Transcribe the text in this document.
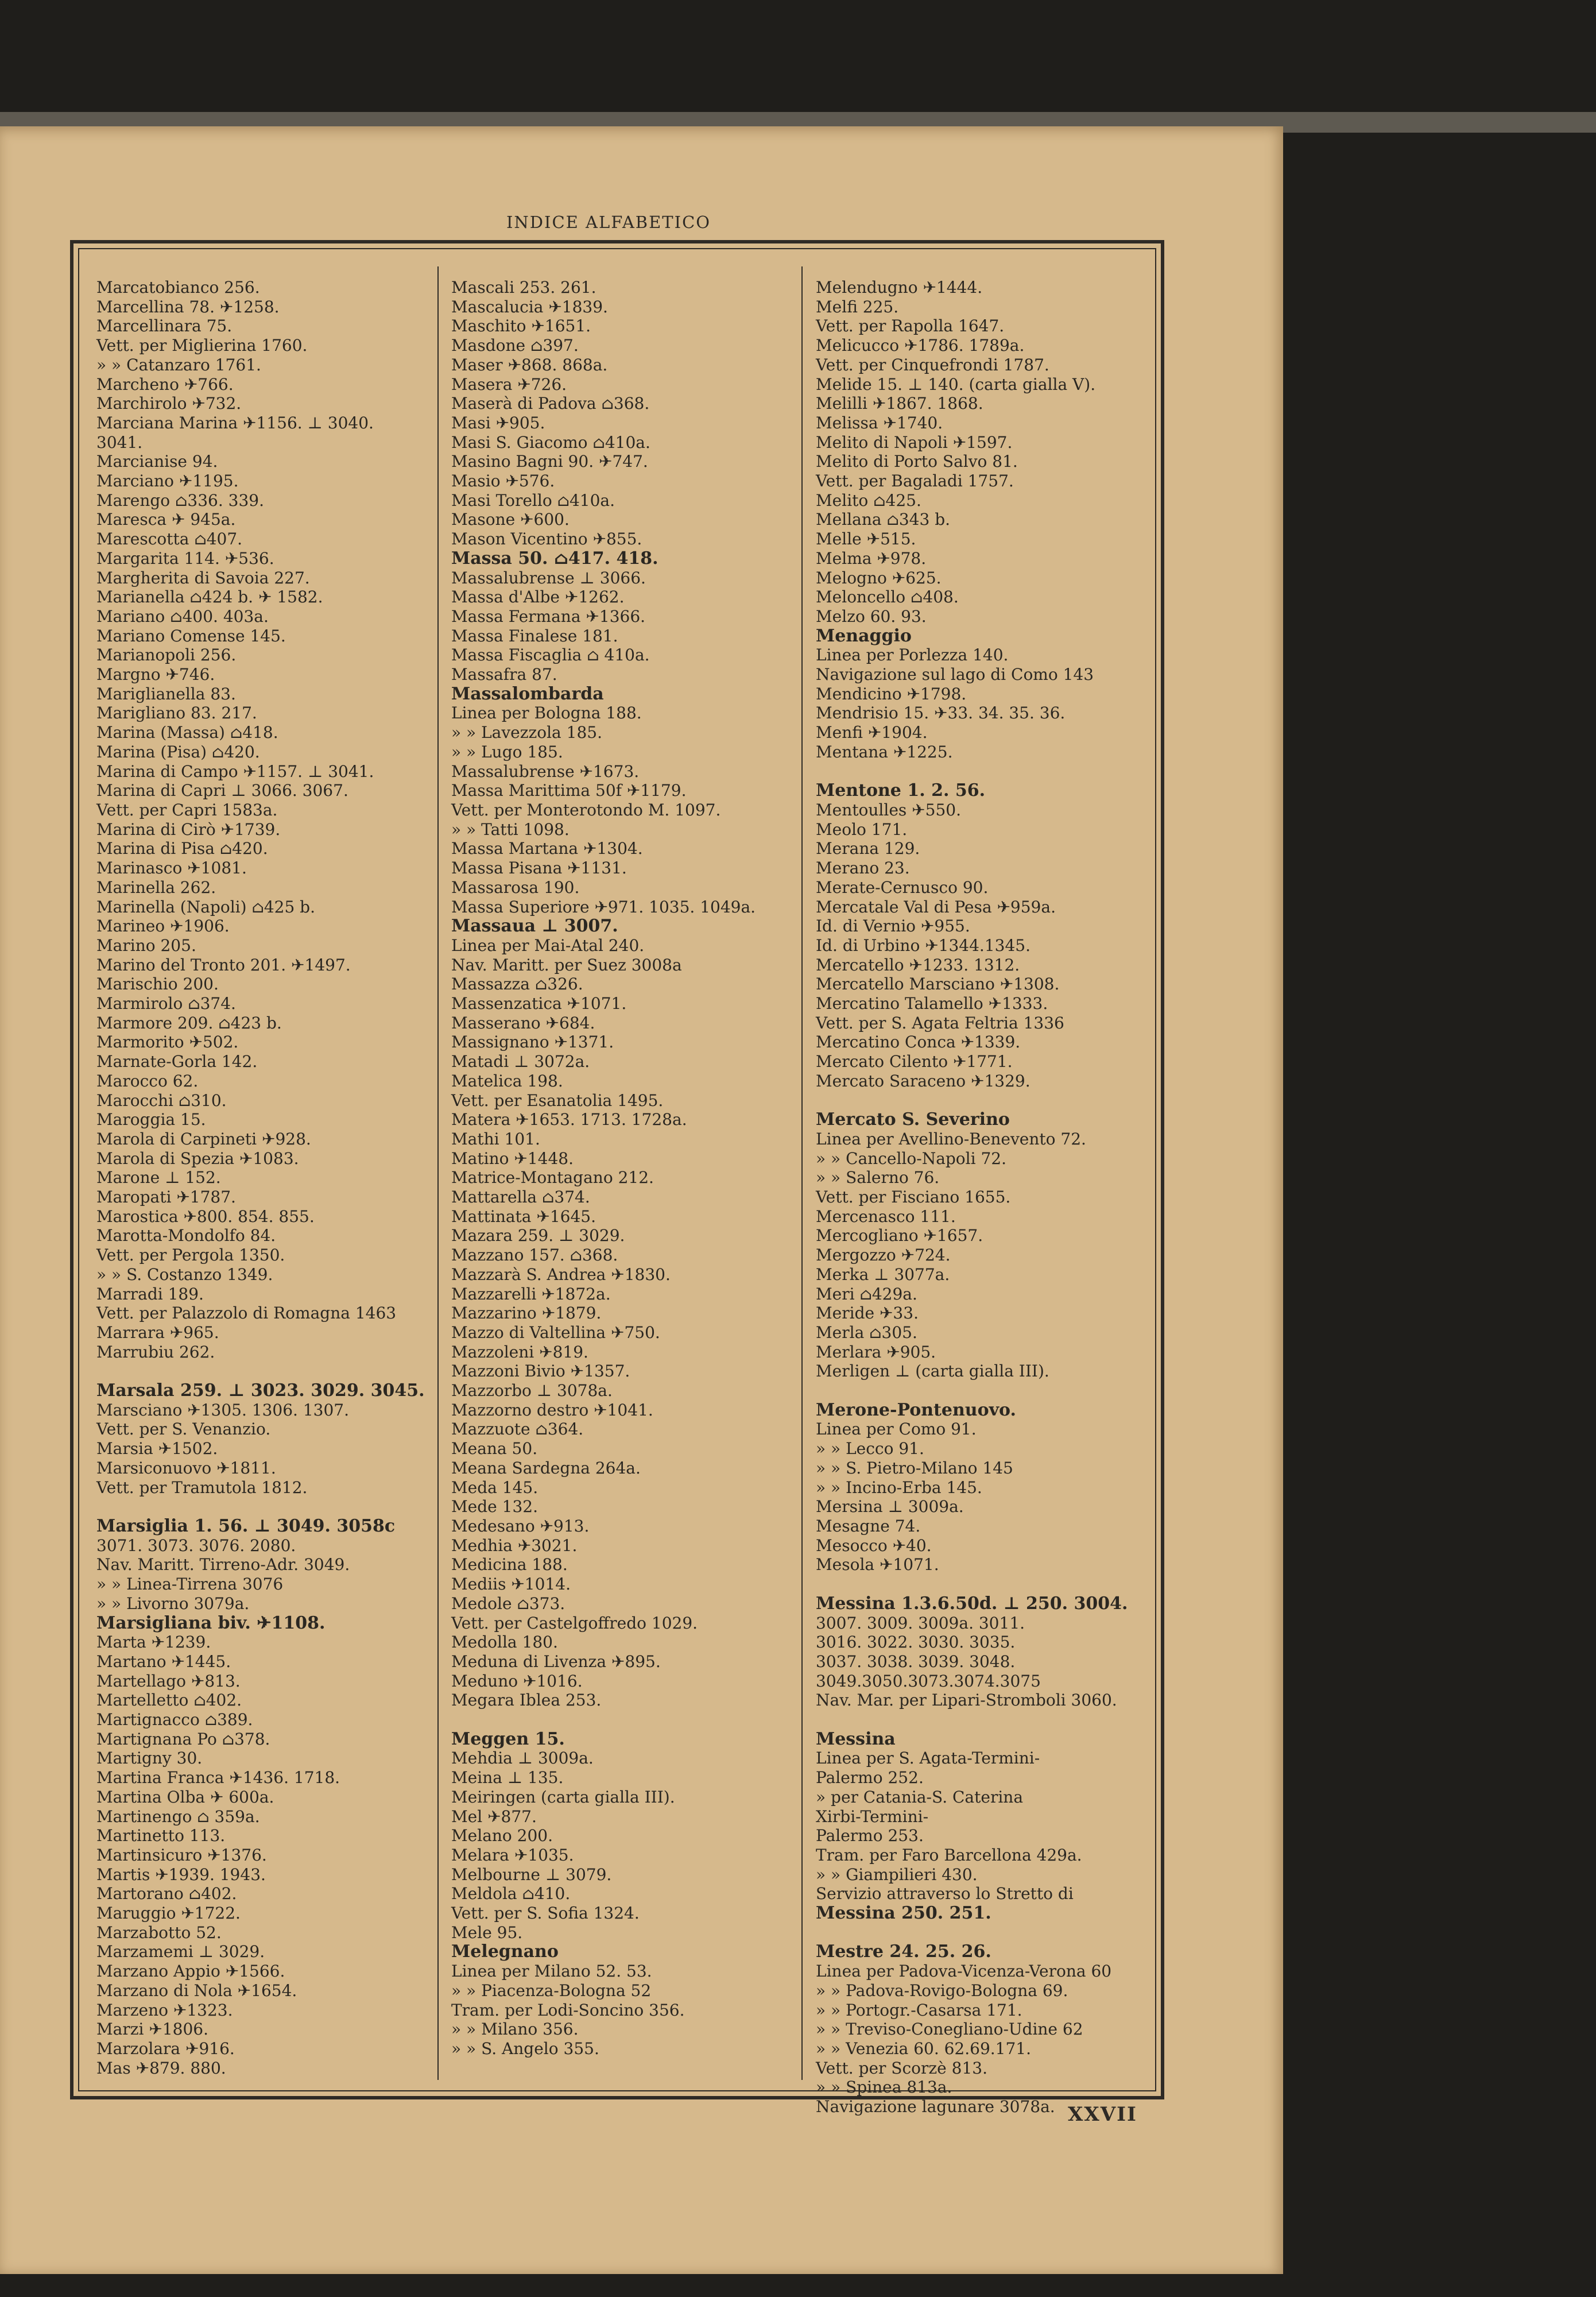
INDICE ALFABETICO
Marcatobianco 256.
Marcellina 78. ✈1258.
Marcellinara 75.
Vett. per Miglierina 1760.
» » Catanzaro 1761.
Marcheno ✈766.
Marchirolo ✈732.
Marciana Marina ✈1156. ⊥ 3040.
3041.
Marcianise 94.
Marciano ✈1195.
Marengo ⌂336. 339.
Maresca ✈ 945a.
Marescotta ⌂407.
Margarita 114. ✈536.
Margherita di Savoia 227.
Marianella ⌂424 b. ✈ 1582.
Mariano ⌂400. 403a.
Mariano Comense 145.
Marianopoli 256.
Margno ✈746.
Mariglianella 83.
Marigliano 83. 217.
Marina (Massa) ⌂418.
Marina (Pisa) ⌂420.
Marina di Campo ✈1157. ⊥ 3041.
Marina di Capri ⊥ 3066. 3067.
Vett. per Capri 1583a.
Marina di Cirò ✈1739.
Marina di Pisa ⌂420.
Marinasco ✈1081.
Marinella 262.
Marinella (Napoli) ⌂425 b.
Marineo ✈1906.
Marino 205.
Marino del Tronto 201. ✈1497.
Marischio 200.
Marmirolo ⌂374.
Marmore 209. ⌂423 b.
Marmorito ✈502.
Marnate-Gorla 142.
Marocco 62.
Marocchi ⌂310.
Maroggia 15.
Marola di Carpineti ✈928.
Marola di Spezia ✈1083.
Marone ⊥ 152.
Maropati ✈1787.
Marostica ✈800. 854. 855.
Marotta-Mondolfo 84.
Vett. per Pergola 1350.
» » S. Costanzo 1349.
Marradi 189.
Vett. per Palazzolo di Romagna 1463
Marrara ✈965.
Marrubiu 262.

Marsala 259. ⊥ 3023. 3029. 3045.
Marsciano ✈1305. 1306. 1307.
Vett. per S. Venanzio.
Marsia ✈1502.
Marsiconuovo ✈1811.
Vett. per Tramutola 1812.

Marsiglia 1. 56. ⊥ 3049. 3058c
3071. 3073. 3076. 2080.
Nav. Maritt. Tirreno-Adr. 3049.
» » Linea-Tirrena 3076
» » Livorno 3079a.
Marsigliana biv. ✈1108.
Marta ✈1239.
Martano ✈1445.
Martellago ✈813.
Martelletto ⌂402.
Martignacco ⌂389.
Martignana Po ⌂378.
Martigny 30.
Martina Franca ✈1436. 1718.
Martina Olba ✈ 600a.
Martinengo ⌂ 359a.
Martinetto 113.
Martinsicuro ✈1376.
Martis ✈1939. 1943.
Martorano ⌂402.
Maruggio ✈1722.
Marzabotto 52.
Marzamemi ⊥ 3029.
Marzano Appio ✈1566.
Marzano di Nola ✈1654.
Marzeno ✈1323.
Marzi ✈1806.
Marzolara ✈916.
Mas ✈879. 880.
Mascali 253. 261.
Mascalucia ✈1839.
Maschito ✈1651.
Masdone ⌂397.
Maser ✈868. 868a.
Masera ✈726.
Maserà di Padova ⌂368.
Masi ✈905.
Masi S. Giacomo ⌂410a.
Masino Bagni 90. ✈747.
Masio ✈576.
Masi Torello ⌂410a.
Masone ✈600.
Mason Vicentino ✈855.
Massa 50. ⌂417. 418.
Massalubrense ⊥ 3066.
Massa d'Albe ✈1262.
Massa Fermana ✈1366.
Massa Finalese 181.
Massa Fiscaglia ⌂ 410a.
Massafra 87.
Massalombarda
Linea per Bologna 188.
» » Lavezzola 185.
» » Lugo 185.
Massalubrense ✈1673.
Massa Marittima 50f ✈1179.
Vett. per Monterotondo M. 1097.
» » Tatti 1098.
Massa Martana ✈1304.
Massa Pisana ✈1131.
Massarosa 190.
Massa Superiore ✈971. 1035. 1049a.
Massaua ⊥ 3007.
Linea per Mai-Atal 240.
Nav. Maritt. per Suez 3008a
Massazza ⌂326.
Massenzatica ✈1071.
Masserano ✈684.
Massignano ✈1371.
Matadi ⊥ 3072a.
Matelica 198.
Vett. per Esanatolia 1495.
Matera ✈1653. 1713. 1728a.
Mathi 101.
Matino ✈1448.
Matrice-Montagano 212.
Mattarella ⌂374.
Mattinata ✈1645.
Mazara 259. ⊥ 3029.
Mazzano 157. ⌂368.
Mazzarà S. Andrea ✈1830.
Mazzarelli ✈1872a.
Mazzarino ✈1879.
Mazzo di Valtellina ✈750.
Mazzoleni ✈819.
Mazzoni Bivio ✈1357.
Mazzorbo ⊥ 3078a.
Mazzorno destro ✈1041.
Mazzuote ⌂364.
Meana 50.
Meana Sardegna 264a.
Meda 145.
Mede 132.
Medesano ✈913.
Medhia ✈3021.
Medicina 188.
Mediis ✈1014.
Medole ⌂373.
Vett. per Castelgoffredo 1029.
Medolla 180.
Meduna di Livenza ✈895.
Meduno ✈1016.
Megara Iblea 253.

Meggen 15.
Mehdia ⊥ 3009a.
Meina ⊥ 135.
Meiringen (carta gialla III).
Mel ✈877.
Melano 200.
Melara ✈1035.
Melbourne ⊥ 3079.
Meldola ⌂410.
Vett. per S. Sofia 1324.
Mele 95.
Melegnano
Linea per Milano 52. 53.
» » Piacenza-Bologna 52
Tram. per Lodi-Soncino 356.
» » Milano 356.
» » S. Angelo 355.
Melendugno ✈1444.
Melfi 225.
Vett. per Rapolla 1647.
Melicucco ✈1786. 1789a.
Vett. per Cinquefrondi 1787.
Melide 15. ⊥ 140. (carta gialla V).
Melilli ✈1867. 1868.
Melissa ✈1740.
Melito di Napoli ✈1597.
Melito di Porto Salvo 81.
Vett. per Bagaladi 1757.
Melito ⌂425.
Mellana ⌂343 b.
Melle ✈515.
Melma ✈978.
Melogno ✈625.
Meloncello ⌂408.
Melzo 60. 93.
Menaggio
Linea per Porlezza 140.
Navigazione sul lago di Como 143
Mendicino ✈1798.
Mendrisio 15. ✈33. 34. 35. 36.
Menfi ✈1904.
Mentana ✈1225.

Mentone 1. 2. 56.
Mentoulles ✈550.
Meolo 171.
Merana 129.
Merano 23.
Merate-Cernusco 90.
Mercatale Val di Pesa ✈959a.
Id. di Vernio ✈955.
Id. di Urbino ✈1344.1345.
Mercatello ✈1233. 1312.
Mercatello Marsciano ✈1308.
Mercatino Talamello ✈1333.
Vett. per S. Agata Feltria 1336
Mercatino Conca ✈1339.
Mercato Cilento ✈1771.
Mercato Saraceno ✈1329.

Mercato S. Severino
Linea per Avellino-Benevento 72.
» » Cancello-Napoli 72.
» » Salerno 76.
Vett. per Fisciano 1655.
Mercenasco 111.
Mercogliano ✈1657.
Mergozzo ✈724.
Merka ⊥ 3077a.
Meri ⌂429a.
Meride ✈33.
Merla ⌂305.
Merlara ✈905.
Merligen ⊥ (carta gialla III).

Merone-Pontenuovo.
Linea per Como 91.
» » Lecco 91.
» » S. Pietro-Milano 145
» » Incino-Erba 145.
Mersina ⊥ 3009a.
Mesagne 74.
Mesocco ✈40.
Mesola ✈1071.

Messina 1.3.6.50d. ⊥ 250. 3004.
3007. 3009. 3009a. 3011.
3016. 3022. 3030. 3035.
3037. 3038. 3039. 3048.
3049.3050.3073.3074.3075
Nav. Mar. per Lipari-Stromboli 3060.

Messina
Linea per S. Agata-Termini-
Palermo 252.
» per Catania-S. Caterina
Xirbi-Termini-
Palermo 253.
Tram. per Faro Barcellona 429a.
» » Giampilieri 430.
Servizio attraverso lo Stretto di
Messina 250. 251.

Mestre 24. 25. 26.
Linea per Padova-Vicenza-Verona 60
» » Padova-Rovigo-Bologna 69.
» » Portogr.-Casarsa 171.
» » Treviso-Conegliano-Udine 62
» » Venezia 60. 62.69.171.
Vett. per Scorzè 813.
» » Spinea 813a.
Navigazione lagunare 3078a. XXVII
